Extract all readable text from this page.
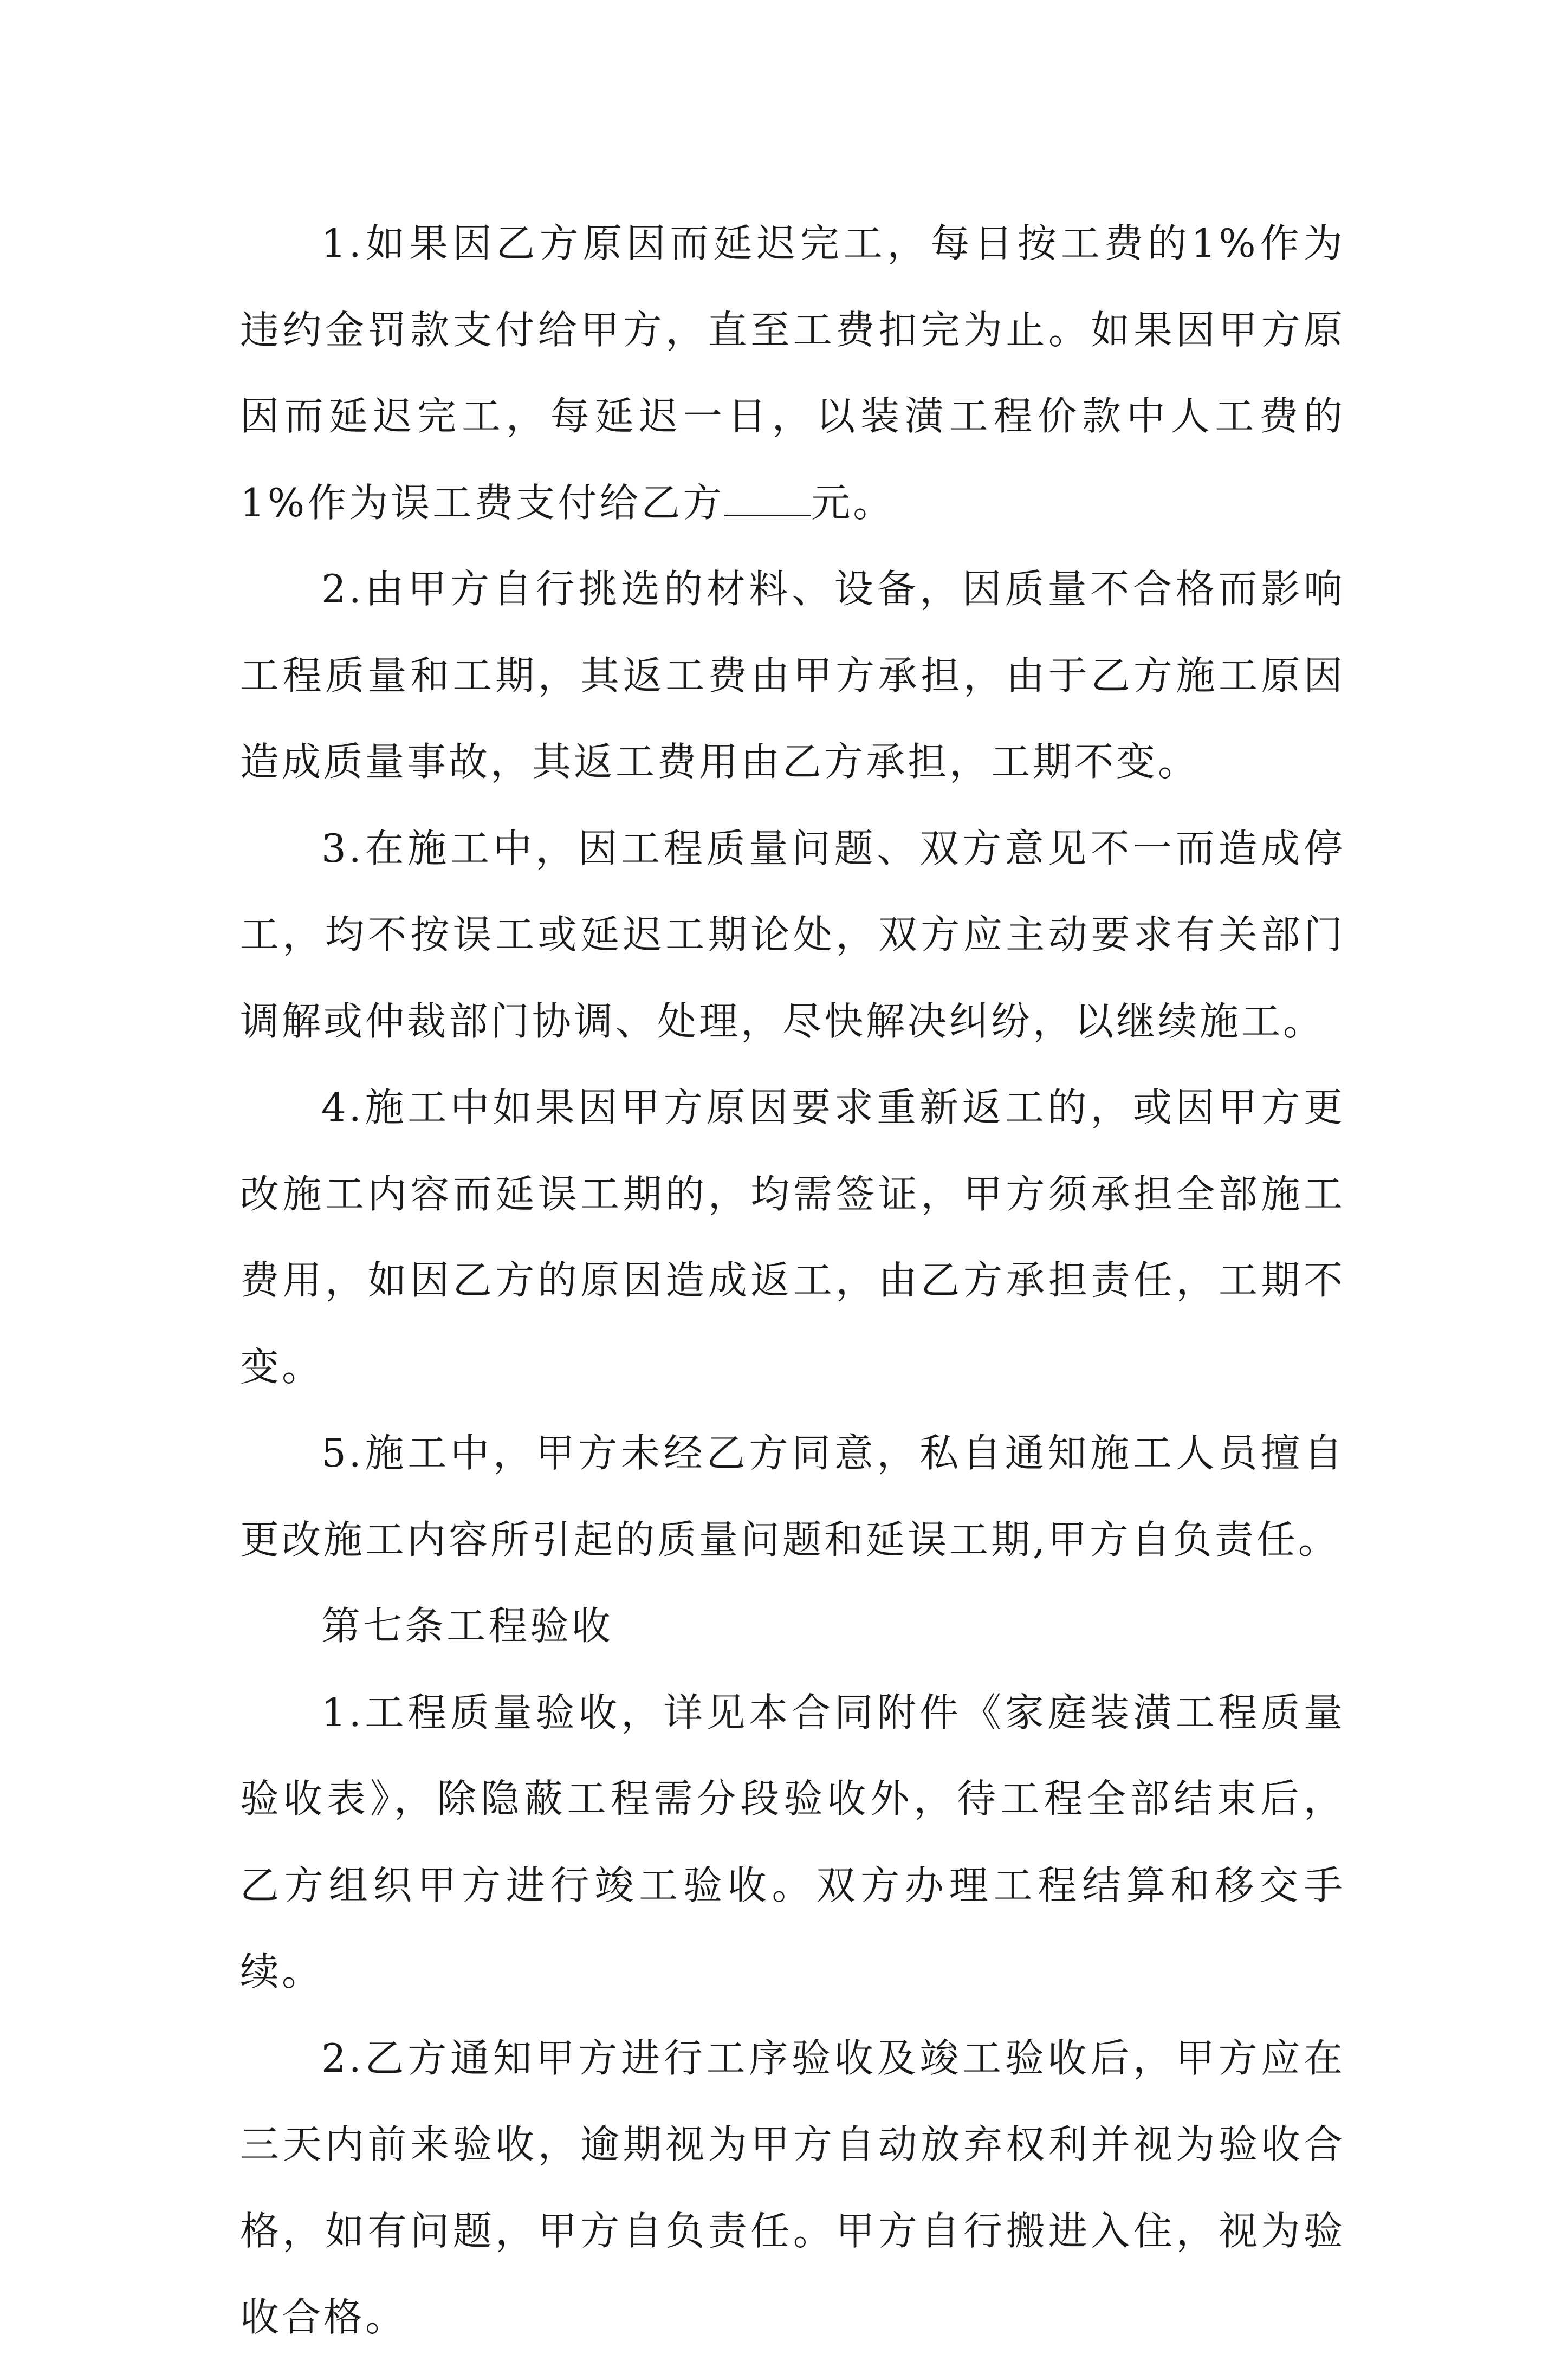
1.如果因乙方原因而延迟完工，每日按工费的1%作为违约金罚款支付给甲方，直至工费扣完为止。如果因甲方原因而延迟完工，每延迟一日，以装潢工程价款中人工费的1%作为误工费支付给乙方 元。

2.由甲方自行挑选的材料、设备，因质量不合格而影响工程质量和工期，其返工费由甲方承担，由于乙方施工原因造成质量事故，其返工费用由乙方承担，工期不变。

3.在施工中，因工程质量问题、双方意见不一而造成停工，均不按误工或延迟工期论处，双方应主动要求有关部门调解或仲裁部门协调、处理，尽快解决纠纷，以继续施工。

4.施工中如果因甲方原因要求重新返工的，或因甲方更改施工内容而延误工期的，均需签证，甲方须承担全部施工费用，如因乙方的原因造成返工，由乙方承担责任，工期不变。

5.施工中，甲方未经乙方同意，私自通知施工人员擅自更改施工内容所引起的质量问题和延误工期,甲方自负责任。

第七条工程验收

1.工程质量验收，详见本合同附件《家庭装潢工程质量验收表》，除隐蔽工程需分段验收外，待工程全部结束后，乙方组织甲方进行竣工验收。双方办理工程结算和移交手续。

2.乙方通知甲方进行工序验收及竣工验收后，甲方应在三天内前来验收，逾期视为甲方自动放弃权利并视为验收合格，如有问题，甲方自负责任。甲方自行搬进入住，视为验收合格。
